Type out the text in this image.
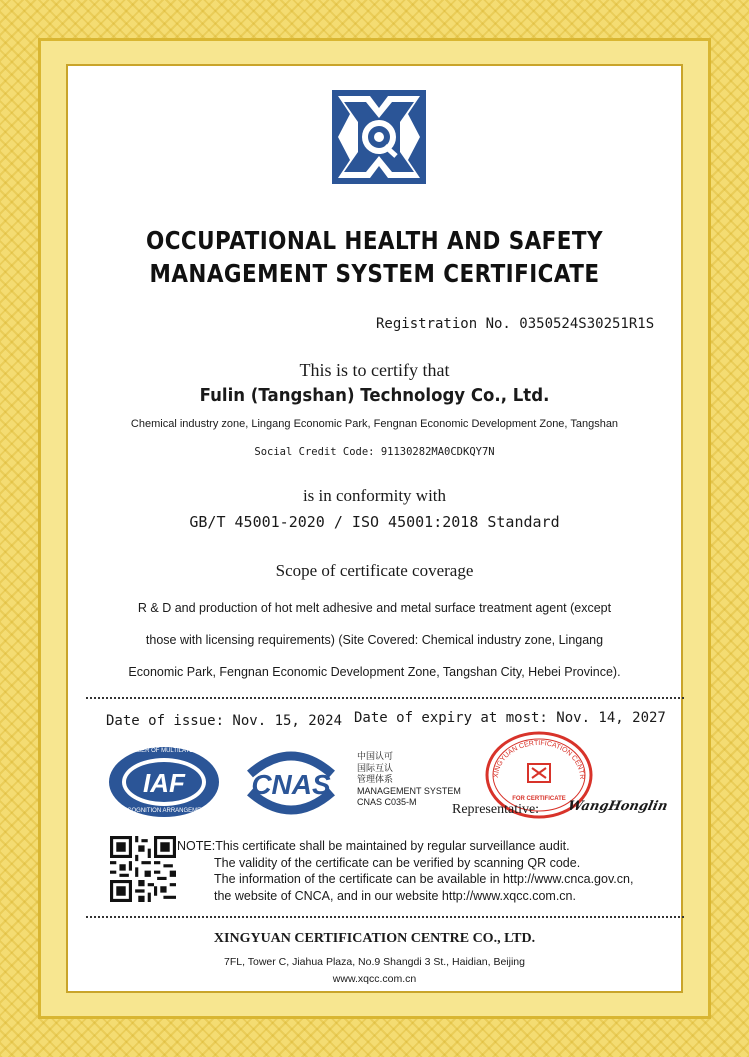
OCCUPATIONAL HEALTH AND SAFETY
MANAGEMENT SYSTEM CERTIFICATE
Registration No. 0350524S30251R1S
This is to certify that
Fulin (Tangshan) Technology Co., Ltd.
Chemical industry zone, Lingang Economic Park, Fengnan Economic Development Zone, Tangshan
Social Credit Code: 91130282MA0CDKQY7N
is in conformity with
GB/T 45001-2020 / ISO 45001:2018 Standard
Scope of certificate coverage
R & D and production of hot melt adhesive and metal surface treatment agent (except
those with licensing requirements) (Site Covered: Chemical industry zone, Lingang
Economic Park, Fengnan Economic Development Zone, Tangshan City, Hebei Province).
Date of issue: Nov. 15, 2024 Date of expiry at most: Nov. 14, 2027
MEMBER OF MULTILATERAL
IAF
RECOGNITION ARRANGEMENT
CNAS
中国认可
国际互认
管理体系
MANAGEMENT SYSTEM
CNAS C035-M
XINGYUAN CERTIFICATION CENTR
FOR CERTIFICATE
Representative: WangHonglin
NOTE:This certificate shall be maintained by regular surveillance audit.
The validity of the certificate can be verified by scanning QR code.
The information of the certificate can be available in http://www.cnca.gov.cn,
the website of CNCA, and in our website http://www.xqcc.com.cn.
XINGYUAN CERTIFICATION CENTRE CO., LTD.
7FL, Tower C, Jiahua Plaza, No.9 Shangdi 3 St., Haidian, Beijing
www.xqcc.com.cn
